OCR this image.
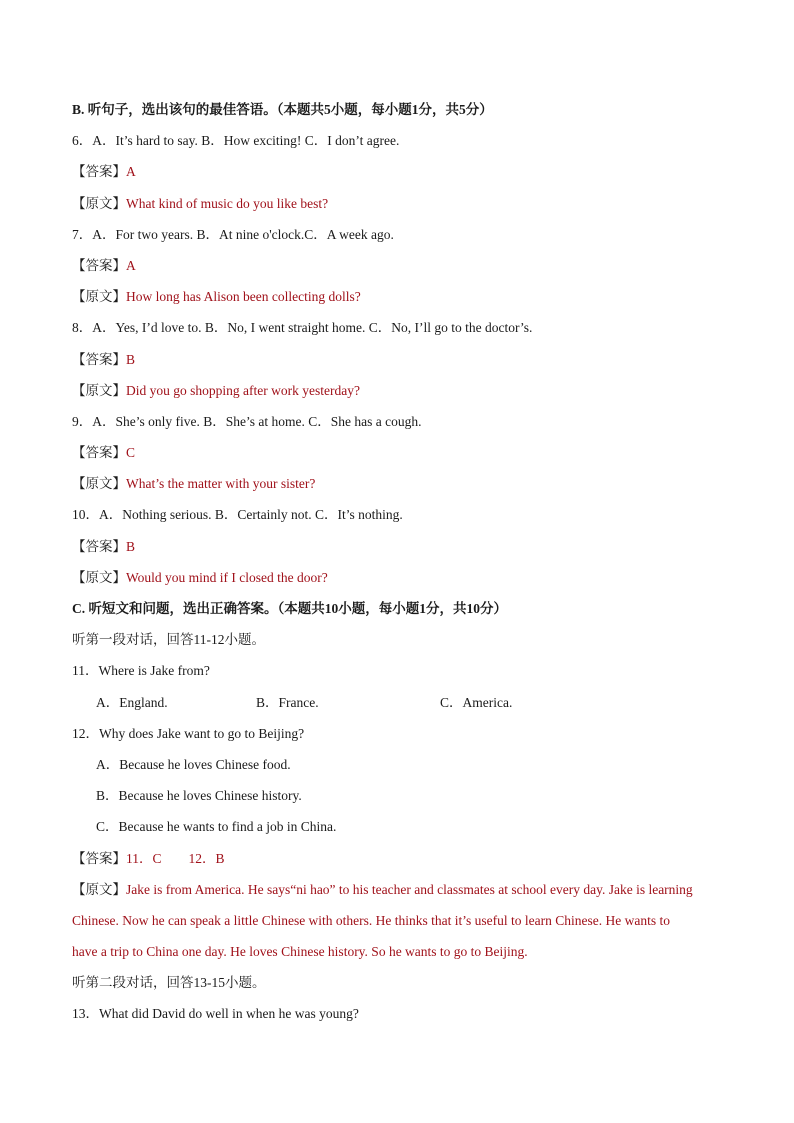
B. 听句子，选出该句的最佳答语。（本题共5小题，每小题1分，共5分）
6．A．It’s hard to say. B．How exciting! C．I don’t agree.
【答案】A
【原文】What kind of music do you like best?
7．A．For two years. B．At nine o'clock.C．A week ago.
【答案】A
【原文】How long has Alison been collecting dolls?
8．A．Yes, I’d love to. B．No, I went straight home. C．No, I’ll go to the doctor’s.
【答案】B
【原文】Did you go shopping after work yesterday?
9．A．She’s only five. B．She’s at home. C．She has a cough.
【答案】C
【原文】What’s the matter with your sister?
10．A．Nothing serious. B．Certainly not. C．It’s nothing.
【答案】B
【原文】Would you mind if I closed the door?
C. 听短文和问题，选出正确答案。（本题共10小题，每小题1分，共10分）
听第一段对话，回答11-12小题。
11．Where is Jake from?
A．England.	B．France.	C．America.
12．Why does Jake want to go to Beijing?
A．Because he loves Chinese food.
B．Because he loves Chinese history.
C．Because he wants to find a job in China.
【答案】11．C        12．B
【原文】Jake is from America. He says“ni hao” to his teacher and classmates at school every day. Jake is learning
Chinese. Now he can speak a little Chinese with others. He thinks that it’s useful to learn Chinese. He wants to
have a trip to China one day. He loves Chinese history. So he wants to go to Beijing.
听第二段对话，回答13-15小题。
13．What did David do well in when he was young?
